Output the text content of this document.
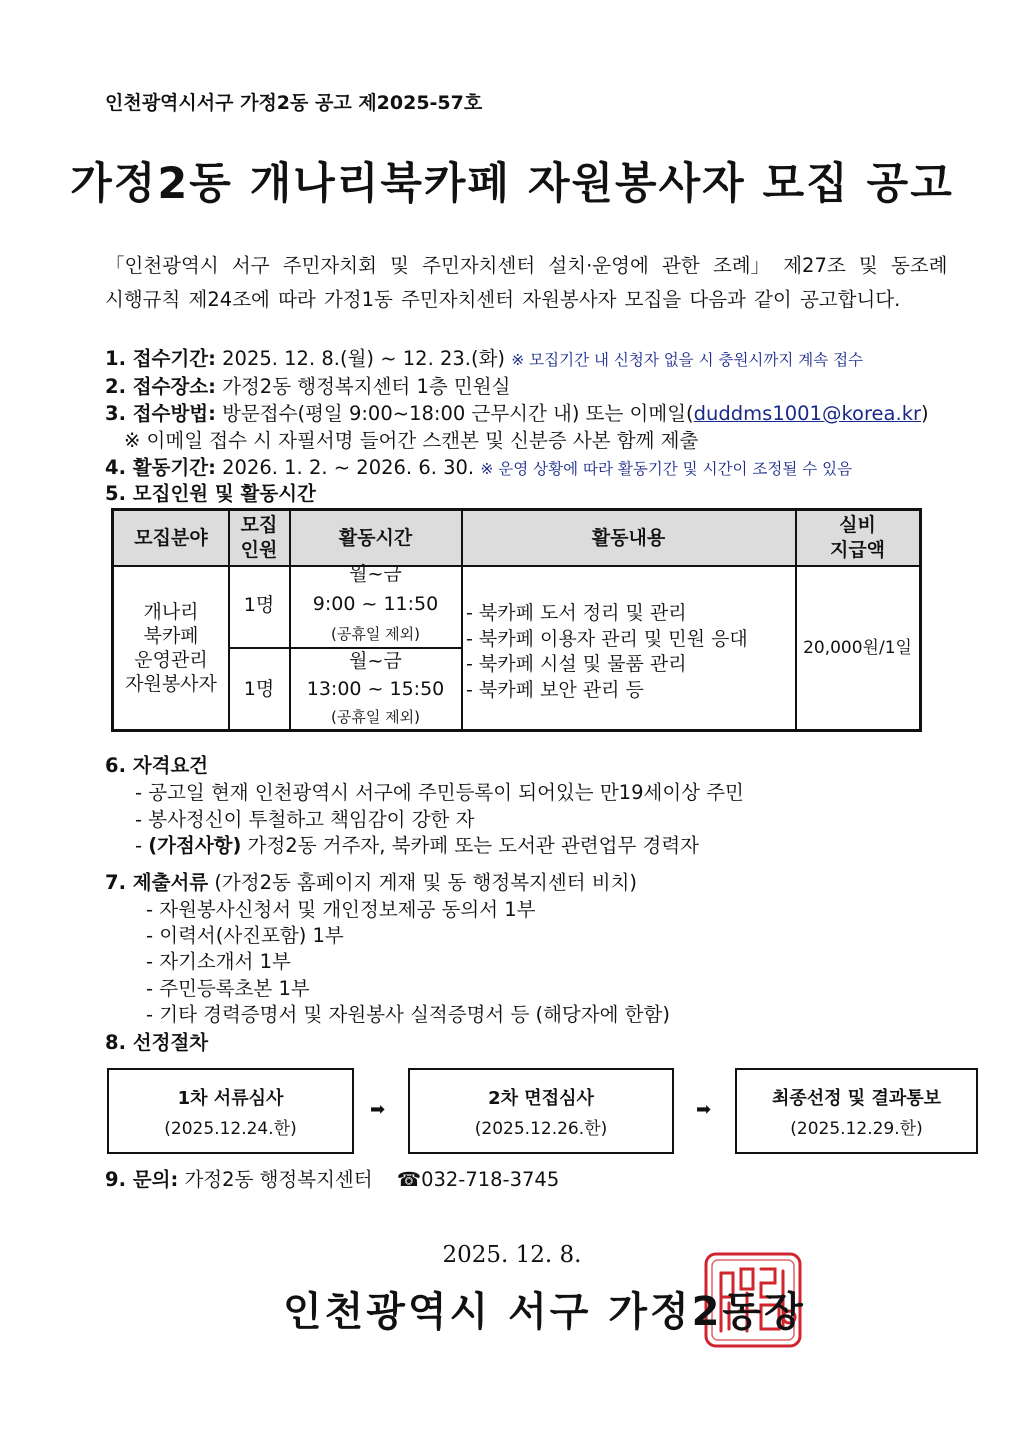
인천광역시서구 가정2동 공고 제2025-57호
가정2동 개나리북카페 자원봉사자 모집 공고
「인천광역시 서구 주민자치회 및 주민자치센터 설치·운영에 관한 조례」 제27조 및 동조례
시행규칙 제24조에 따라 가정1동 주민자치센터 자원봉사자 모집을 다음과 같이 공고합니다.
1. 접수기간: 2025. 12. 8.(월) ~ 12. 23.(화) ※ 모집기간 내 신청자 없을 시 충원시까지 계속 접수
2. 접수장소: 가정2동 행정복지센터 1층 민원실
3. 접수방법: 방문접수(평일 9:00~18:00 근무시간 내) 또는 이메일(duddms1001@korea.kr)
※ 이메일 접수 시 자필서명 들어간 스캔본 및 신분증 사본 함께 제출
4. 활동기간: 2026. 1. 2. ~ 2026. 6. 30. ※ 운영 상황에 따라 활동기간 및 시간이 조정될 수 있음
5. 모집인원 및 활동시간
모집분야
모집
인원
활동시간	활동내용
실비
지급액
개나리
북카페
운영관리
자원봉사자
1명
월~금
9:00 ~ 11:50
(공휴일 제외)
1명
월~금
13:00 ~ 15:50
(공휴일 제외)
- 북카페 도서 정리 및 관리
- 북카페 이용자 관리 및 민원 응대
- 북카페 시설 및 물품 관리
- 북카페 보안 관리 등
20,000원/1일
6. 자격요건
- 공고일 현재 인천광역시 서구에 주민등록이 되어있는 만19세이상 주민
- 봉사정신이 투철하고 책임감이 강한 자
- (가점사항) 가정2동 거주자, 북카페 또는 도서관 관련업무 경력자
7. 제출서류 (가정2동 홈페이지 게재 및 동 행정복지센터 비치)
- 자원봉사신청서 및 개인정보제공 동의서 1부
- 이력서(사진포함) 1부
- 자기소개서 1부
- 주민등록초본 1부
- 기타 경력증명서 및 자원봉사 실적증명서 등 (해당자에 한함)
8. 선정절차
1차 서류심사
(2025.12.24.한)
➡
2차 면접심사
(2025.12.26.한)
➡
최종선정 및 결과통보
(2025.12.29.한)
9. 문의: 가정2동 행정복지센터 ☎032-718-3745
2025. 12. 8.
인천광역시 서구 가정2동장
